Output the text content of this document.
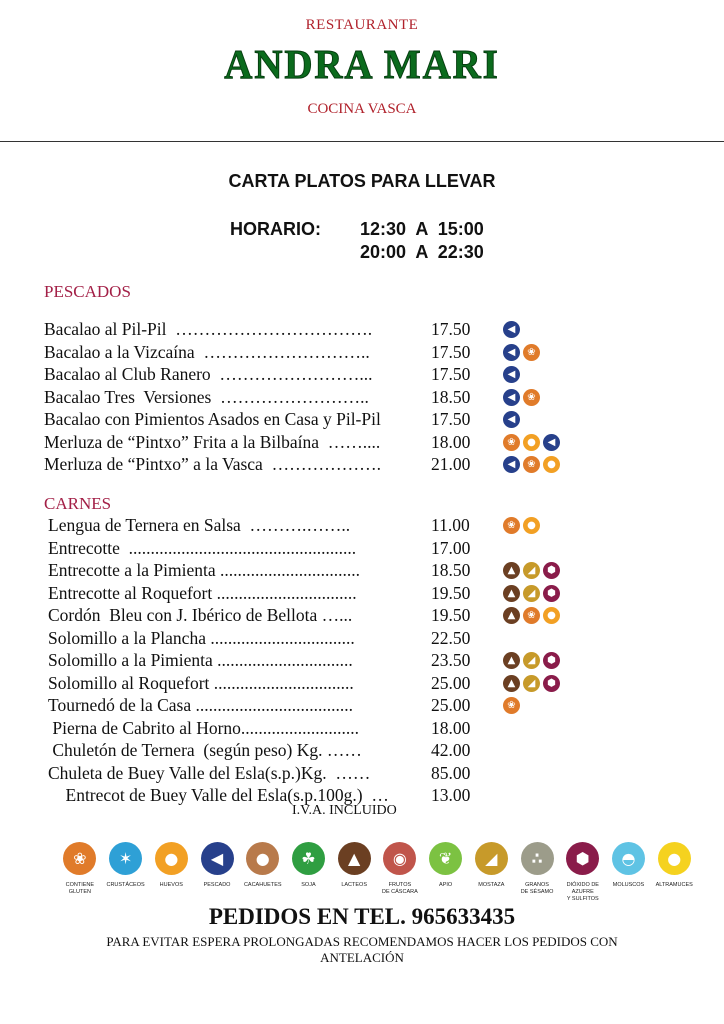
RESTAURANTE
ANDRA MARI
COCINA VASCA
CARTA PLATOS PARA LLEVAR
HORARIO: 12:30  A  15:00
20:00  A  22:30
PESCADOS
Bacalao al Pil-Pil  …………………………….	17.50	◀
Bacalao a la Vizcaína  ………………………..	17.50	◀	❀
Bacalao al Club Ranero  ……………………...	17.50	◀
Bacalao Tres  Versiones  ……………………..	18.50	◀	❀
Bacalao con Pimientos Asados en Casa y Pil-Pil	17.50	◀
Merluza de “Pintxo” Frita a la Bilbaína  ……....	18.00	❀	●	◀
Merluza de “Pintxo” a la Vasca  ……………….	21.00	◀	❀	●
CARNES
Lengua de Ternera en Salsa  ……….……..	11.00	❀	●
Entrecotte  ....................................................	17.00
Entrecotte a la Pimienta ................................	18.50	▲	◢	⬢
Entrecotte al Roquefort ................................	19.50	▲	◢	⬢
Cordón  Bleu con J. Ibérico de Bellota …...	19.50	▲	❀	●
Solomillo a la Plancha .................................	22.50
Solomillo a la Pimienta ...............................	23.50	▲	◢	⬢
Solomillo al Roquefort ................................	25.00	▲	◢	⬢
Tournedó de la Casa ....................................	25.00	❀
Pierna de Cabrito al Horno...........................	18.00
Chuletón de Ternera  (según peso) Kg. ……	42.00
Chuleta de Buey Valle del Esla(s.p.)Kg.  ……	85.00
Entrecot de Buey Valle del Esla(s.p.100g.)  … 13.00
I.V.A. INCLUIDO
❀
CONTIENE
GLUTEN
✶
CRUSTÁCEOS
●
HUEVOS
◀
PESCADO
●
CACAHUETES
☘
SOJA
▲
LACTEOS
◉
FRUTOS
DE CÁSCARA
❦
APIO
◢
MOSTAZA
∴
GRANOS
DE SÉSAMO
⬢
DIÓXIDO DE AZUFRE
Y SULFITOS
◓
MOLUSCOS
●
ALTRAMUCES
PEDIDOS EN TEL. 965633435
PARA EVITAR ESPERA PROLONGADAS RECOMENDAMOS HACER LOS PEDIDOS CON
ANTELACIÓN
